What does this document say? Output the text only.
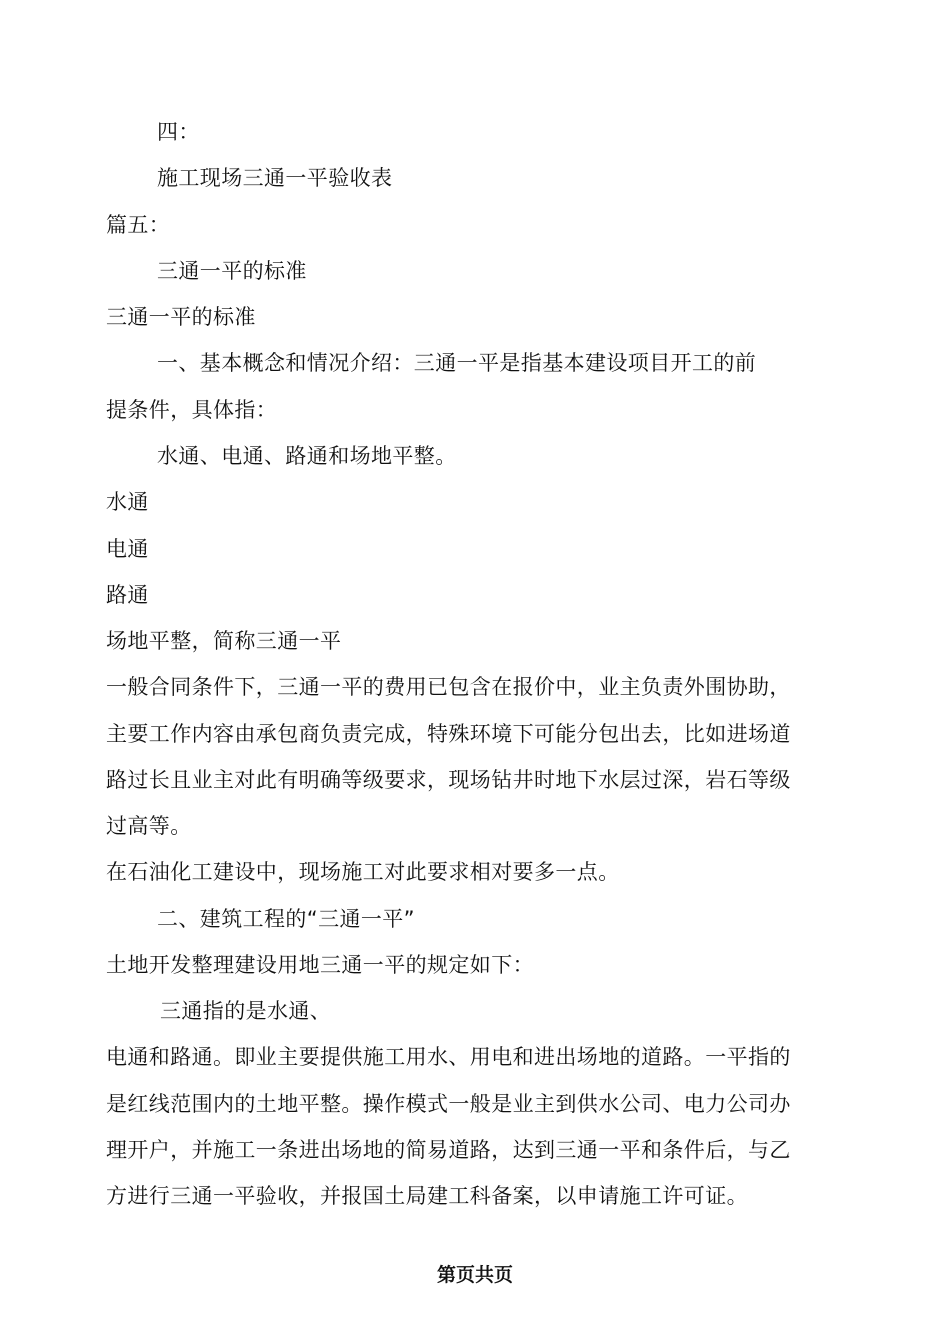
四：
施工现场三通一平验收表
篇五：
三通一平的标准
三通一平的标准
一、基本概念和情况介绍：三通一平是指基本建设项目开工的前
提条件，具体指：
水通、电通、路通和场地平整。
水通
电通
路通
场地平整，简称三通一平
一般合同条件下，三通一平的费用已包含在报价中，业主负责外围协助，
主要工作内容由承包商负责完成，特殊环境下可能分包出去，比如进场道
路过长且业主对此有明确等级要求，现场钻井时地下水层过深，岩石等级
过高等。
在石油化工建设中，现场施工对此要求相对要多一点。
二、建筑工程的“三通一平”
土地开发整理建设用地三通一平的规定如下：
三通指的是水通、
电通和路通。即业主要提供施工用水、用电和进出场地的道路。一平指的
是红线范围内的土地平整。操作模式一般是业主到供水公司、电力公司办
理开户，并施工一条进出场地的简易道路，达到三通一平和条件后，与乙
方进行三通一平验收，并报国土局建工科备案，以申请施工许可证。
第页共页
